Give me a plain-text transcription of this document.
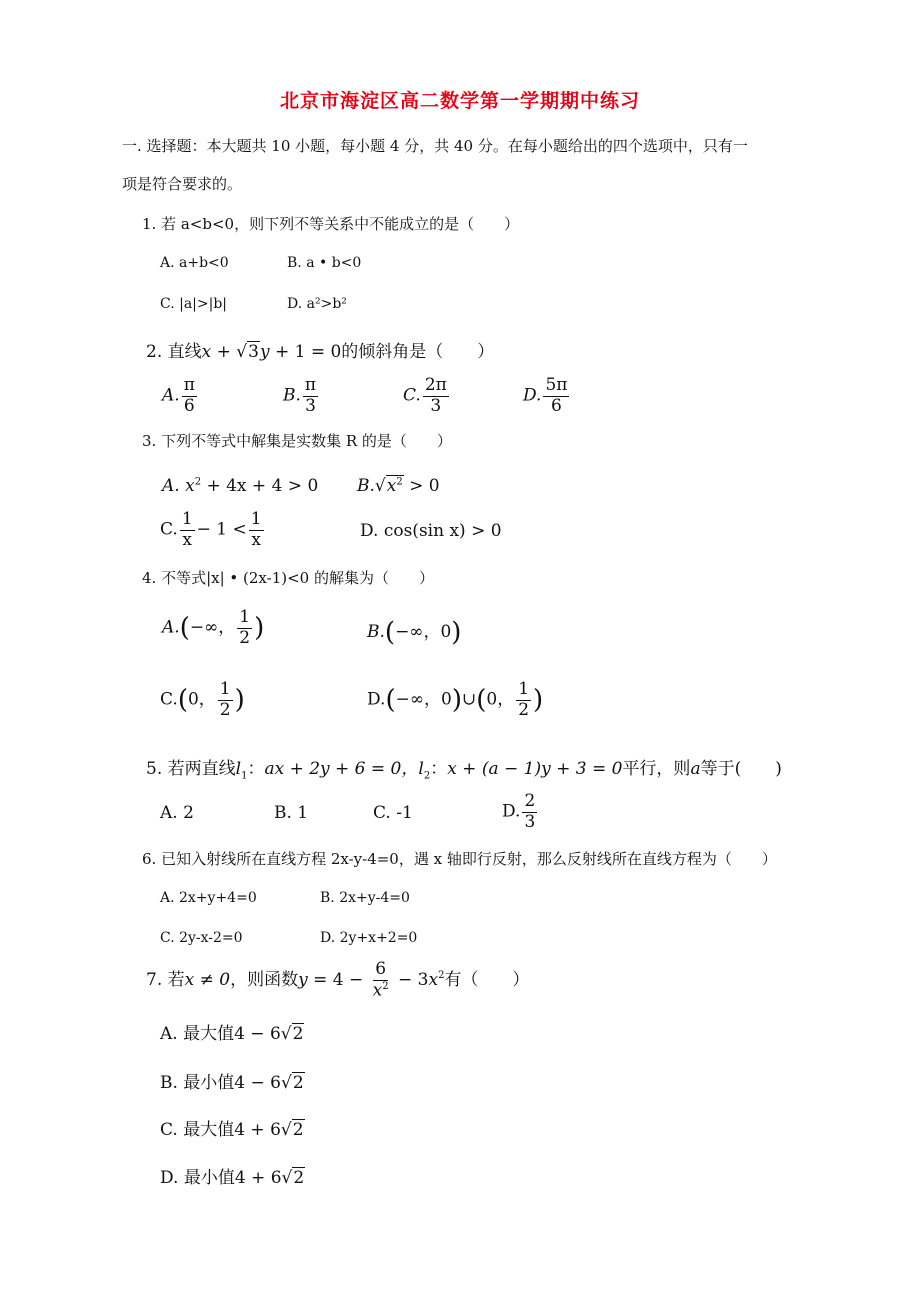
北京市海淀区高二数学第一学期期中练习
一. 选择题：本大题共 10 小题，每小题 4 分，共 40 分。在每小题给出的四个选项中，只有一
项是符合要求的。
1. 若 a<b<0，则下列不等关系中不能成立的是（　　）
A. a+b<0	B. a • b<0
C. |a|>|b|	D. a²>b²
2. 直线x + √3y + 1 = 0的倾斜角是（　　）
A. $\frac{\pi}{6}$	B. $\frac{\pi}{3}$	C. $\frac{2\pi}{3}$	D. $\frac{5\pi}{6}$
3. 下列不等式中解集是实数集 R 的是（　　）
A. $x^2 + 4x + 4 > 0$ $B.√x^2 > 0$
C. $\frac{1}{x} - 1 < \frac{1}{x}$	D. cos(sin x) > 0
4. 不等式|x| • (2x-1)<0 的解集为（　　）
A.(−∞， $\frac{1}{2}$ )	B.(−∞，0)
C.(0， $\frac{1}{2}$ )	D.(−∞，0)∪(0， $\frac{1}{2}$ )
5. 若两直线$l_1$：ax + 2y + 6 = 0，$l_2$：x + (a − 1)y + 3 = 0平行，则a等于(　　)
A. 2	B. 1	C. -1	D. $\frac{2}{3}$
6. 已知入射线所在直线方程 2x-y-4=0，遇 x 轴即行反射，那么反射线所在直线方程为（　　）
A. 2x+y+4=0	B. 2x+y-4=0
C. 2y-x-2=0	D. 2y+x+2=0
7. 若x ≠ 0，则函数$y = 4 - \frac{6}{x^2} - 3x^2$有（　　）
A. 最大值4 − 6√2
B. 最小值4 − 6√2
C. 最大值4 + 6√2
D. 最小值4 + 6√2
